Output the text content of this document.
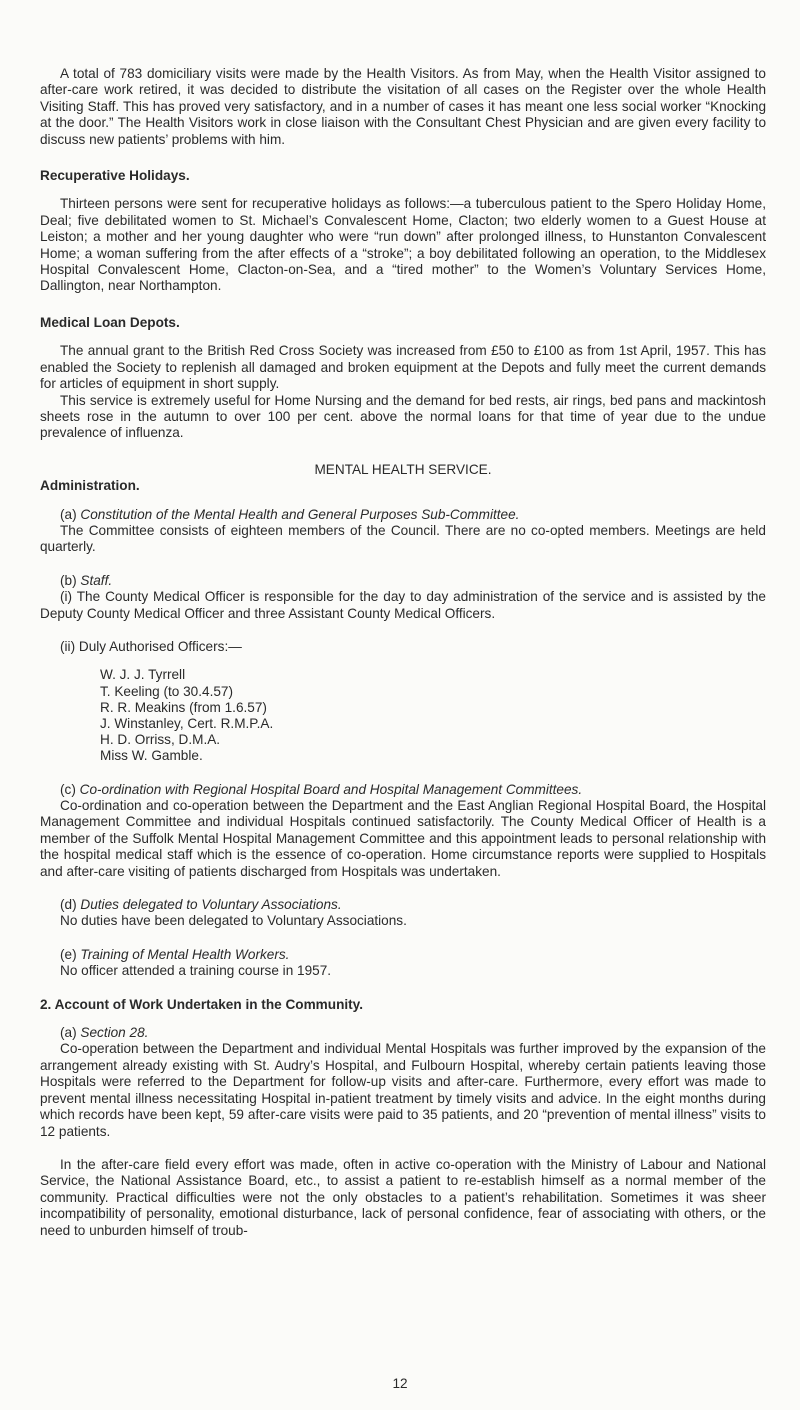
A total of 783 domiciliary visits were made by the Health Visitors. As from May, when the Health Visitor assigned to after-care work retired, it was decided to distribute the visitation of all cases on the Register over the whole Health Visiting Staff. This has proved very satisfactory, and in a number of cases it has meant one less social worker “Knocking at the door.” The Health Visitors work in close liaison with the Consultant Chest Physician and are given every facility to discuss new patients’ problems with him.

Recuperative Holidays.

Thirteen persons were sent for recuperative holidays as follows:—a tuberculous patient to the Spero Holiday Home, Deal; five debilitated women to St. Michael’s Convalescent Home, Clacton; two elderly women to a Guest House at Leiston; a mother and her young daughter who were “run down” after prolonged illness, to Hunstanton Convalescent Home; a woman suffering from the after effects of a “stroke”; a boy debilitated following an operation, to the Middlesex Hospital Convalescent Home, Clacton-on-Sea, and a “tired mother” to the Women’s Voluntary Services Home, Dallington, near Northampton.

Medical Loan Depots.

The annual grant to the British Red Cross Society was increased from £50 to £100 as from 1st April, 1957. This has enabled the Society to replenish all damaged and broken equipment at the Depots and fully meet the current demands for articles of equipment in short supply.

This service is extremely useful for Home Nursing and the demand for bed rests, air rings, bed pans and mackintosh sheets rose in the autumn to over 100 per cent. above the normal loans for that time of year due to the undue prevalence of influenza.

MENTAL HEALTH SERVICE.
Administration.

(a) Constitution of the Mental Health and General Purposes Sub-Committee.

The Committee consists of eighteen members of the Council. There are no co-opted members. Meetings are held quarterly.

(b) Staff.

(i) The County Medical Officer is responsible for the day to day administration of the service and is assisted by the Deputy County Medical Officer and three Assistant County Medical Officers.

(ii) Duly Authorised Officers:—

W. J. J. Tyrrell
T. Keeling (to 30.4.57)
R. R. Meakins (from 1.6.57)
J. Winstanley, Cert. R.M.P.A.
H. D. Orriss, D.M.A.
Miss W. Gamble.

(c) Co-ordination with Regional Hospital Board and Hospital Management Committees.

Co-ordination and co-operation between the Department and the East Anglian Regional Hospital Board, the Hospital Management Committee and individual Hospitals continued satisfactorily. The County Medical Officer of Health is a member of the Suffolk Mental Hospital Management Committee and this appointment leads to personal relationship with the hospital medical staff which is the essence of co-operation. Home circumstance reports were supplied to Hospitals and after-care visiting of patients discharged from Hospitals was undertaken.

(d) Duties delegated to Voluntary Associations.

No duties have been delegated to Voluntary Associations.

(e) Training of Mental Health Workers.

No officer attended a training course in 1957.

2. Account of Work Undertaken in the Community.

(a) Section 28.

Co-operation between the Department and individual Mental Hospitals was further improved by the expansion of the arrangement already existing with St. Audry’s Hospital, and Fulbourn Hospital, whereby certain patients leaving those Hospitals were referred to the Department for follow-up visits and after-care. Furthermore, every effort was made to prevent mental illness necessitating Hospital in-patient treatment by timely visits and advice. In the eight months during which records have been kept, 59 after-care visits were paid to 35 patients, and 20 “prevention of mental illness” visits to 12 patients.

In the after-care field every effort was made, often in active co-operation with the Ministry of Labour and National Service, the National Assistance Board, etc., to assist a patient to re-establish himself as a normal member of the community. Practical difficulties were not the only obstacles to a patient’s rehabilitation. Sometimes it was sheer incompatibility of personality, emotional disturbance, lack of personal confidence, fear of associating with others, or the need to unburden himself of troub-

12
